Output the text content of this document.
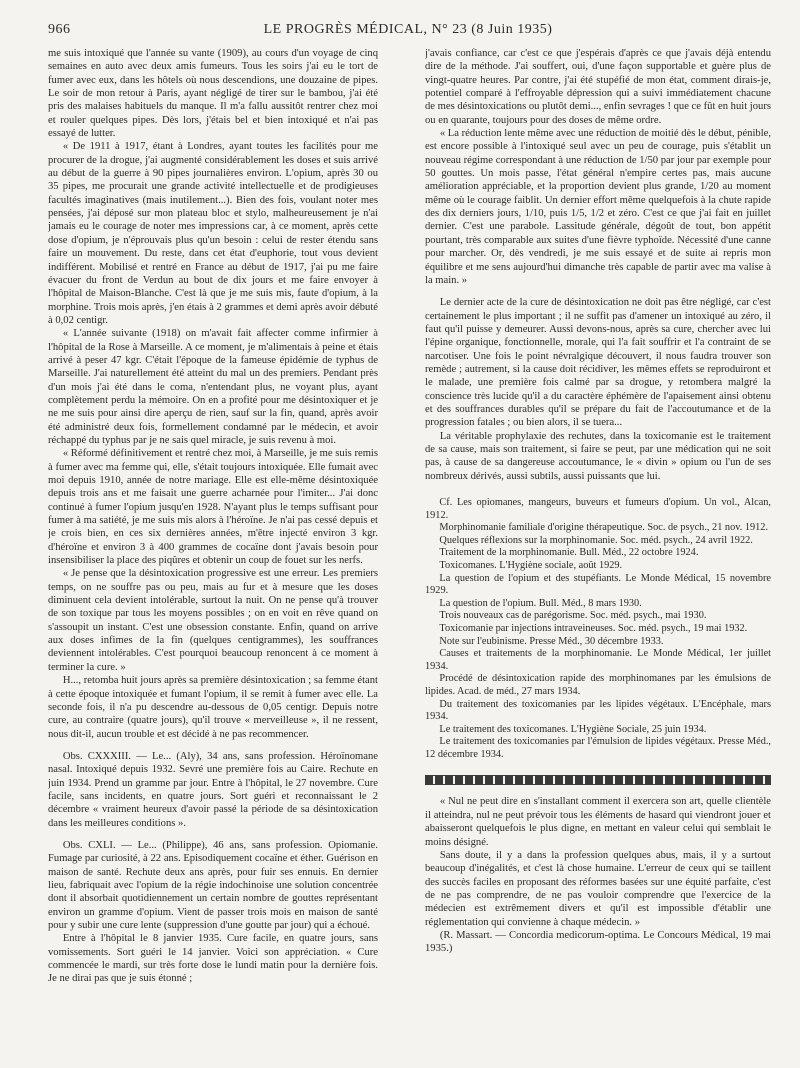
966	LE PROGRÈS MÉDICAL, N° 23 (8 Juin 1935)

me suis intoxiqué que l'année su vante (1909), au cours d'un voyage de cinq semaines en auto avec deux amis fumeurs. Tous les soirs j'ai eu le tort de fumer avec eux, dans les hôtels où nous descendions, une douzaine de pipes. Le soir de mon retour à Paris, ayant négligé de tirer sur le bambou, j'ai été pris des malaises habituels du manque. Il m'a fallu aussitôt rentrer chez moi et rouler quelques pipes. Dès lors, j'étais bel et bien intoxiqué et n'ai pas essayé de lutter.

« De 1911 à 1917, étant à Londres, ayant toutes les facilités pour me procurer de la drogue, j'ai augmenté considérablement les doses et suis arrivé au début de la guerre à 90 pipes journalières environ. L'opium, après 30 ou 35 pipes, me procurait une grande activité intellectuelle et de prodigieuses facultés imaginatives (mais inutilement...). Bien des fois, voulant noter mes pensées, j'ai déposé sur mon plateau bloc et stylo, malheureusement je n'ai jamais eu le courage de noter mes impressions car, à ce moment, après cette dose d'opium, je n'éprouvais plus qu'un besoin : celui de rester étendu sans faire un mouvement. Du reste, dans cet état d'euphorie, tout vous devient indifférent. Mobilisé et rentré en France au début de 1917, j'ai pu me faire évacuer du front de Verdun au bout de dix jours et me faire envoyer à l'hôpital de Maison-Blanche. C'est là que je me suis mis, faute d'opium, à la morphine. Trois mois après, j'en étais à 2 grammes et demi après avoir débuté à 0,02 centigr.

« L'année suivante (1918) on m'avait fait affecter comme infirmier à l'hôpital de la Rose à Marseille. A ce moment, je m'alimentais à peine et étais arrivé à peser 47 kgr. C'était l'époque de la fameuse épidémie de typhus de Marseille. J'ai naturellement été atteint du mal un des premiers. Pendant près d'un mois j'ai été dans le coma, n'entendant plus, ne voyant plus, ayant complètement perdu la mémoire. On en a profité pour me désintoxiquer et je ne me suis pour ainsi dire aperçu de rien, sauf sur la fin, quand, après avoir été administré deux fois, formellement condamné par le médecin, et avoir réchappé du typhus par je ne sais quel miracle, je suis revenu à moi.

« Réformé définitivement et rentré chez moi, à Marseille, je me suis remis à fumer avec ma femme qui, elle, s'était toujours intoxiquée. Elle fumait avec moi depuis 1910, année de notre mariage. Elle est elle-même désintoxiquée depuis trois ans et me faisait une guerre acharnée pour l'imiter... J'ai donc continué à fumer l'opium jusqu'en 1928. N'ayant plus le temps suffisant pour fumer à ma satiété, je me suis mis alors à l'héroïne. Je n'ai pas cessé depuis et je crois bien, en ces six dernières années, m'être injecté environ 3 kgr. d'héroïne et environ 3 à 400 grammes de cocaïne dont j'avais besoin pour insensibiliser la place des piqûres et obtenir un coup de fouet sur les nerfs.

« Je pense que la désintoxication progressive est une erreur. Les premiers temps, on ne souffre pas ou peu, mais au fur et à mesure que les doses diminuent cela devient intolérable, surtout la nuit. On ne pense qu'à trouver de son toxique par tous les moyens possibles ; on en voit en rêve quand on s'assoupit un instant. C'est une obsession constante. Enfin, quand on arrive aux doses infimes de la fin (quelques centigrammes), les souffrances deviennent intolérables. C'est pourquoi beaucoup renoncent à ce moment à terminer la cure. »

H..., retomba huit jours après sa première désintoxication ; sa femme étant à cette époque intoxiquée et fumant l'opium, il se remit à fumer avec elle. La seconde fois, il n'a pu descendre au-dessous de 0,05 centigr. Depuis notre cure, au contraire (quatre jours), qu'il trouve « merveilleuse », il ne ressent, nous dit-il, aucun trouble et est décidé à ne pas recommencer.

Obs. CXXXIII. — Le... (Aly), 34 ans, sans profession. Héroïnomane nasal. Intoxiqué depuis 1932. Sevré une première fois au Caire. Rechute en juin 1934. Prend un gramme par jour. Entre à l'hôpital, le 27 novembre. Cure facile, sans incidents, en quatre jours. Sort guéri et reconnaissant le 2 décembre « vraiment heureux d'avoir passé la période de sa désintoxication dans les meilleures conditions ».

Obs. CXLI. — Le... (Philippe), 46 ans, sans profession. Opiomanie. Fumage par curiosité, à 22 ans. Episodiquement cocaïne et éther. Guérison en maison de santé. Rechute deux ans après, pour fuir ses ennuis. En dernier lieu, fabriquait avec l'opium de la régie indochinoise une solution concentrée dont il absorbait quotidiennement un certain nombre de gouttes représentant environ un gramme d'opium. Vient de passer trois mois en maison de santé pour y subir une cure lente (suppression d'une goutte par jour) qui a échoué.

Entre à l'hôpital le 8 janvier 1935. Cure facile, en quatre jours, sans vomissements. Sort guéri le 14 janvier. Voici son appréciation. « Cure commencée le mardi, sur très forte dose le lundi matin pour la dernière fois. Je ne dirai pas que je suis étonné ;

j'avais confiance, car c'est ce que j'espérais d'après ce que j'avais déjà entendu dire de la méthode. J'ai souffert, oui, d'une façon supportable et guère plus de vingt-quatre heures. Par contre, j'ai été stupéfié de mon état, comment dirais-je, potentiel comparé à l'effroyable dépression qui a suivi immédiatement chacune de mes désintoxications ou plutôt demi..., enfin sevrages ! que ce fût en huit jours ou en quarante, toujours pour des doses de même ordre.

« La réduction lente même avec une réduction de moitié dès le début, pénible, est encore possible à l'intoxiqué seul avec un peu de courage, puis s'établit un nouveau régime correspondant à une réduction de 1/50 par jour par exemple pour 50 gouttes. Un mois passe, l'état général n'empire certes pas, mais aucune amélioration appréciable, et la proportion devient plus grande, 1/20 au moment même où le courage faiblit. Un dernier effort même quelquefois à la chute rapide des dix derniers jours, 1/10, puis 1/5, 1/2 et zéro. C'est ce que j'ai fait en juillet dernier. C'est une parabole. Lassitude générale, dégoût de tout, bon appétit pourtant, très comparable aux suites d'une fièvre typhoïde. Nécessité d'une canne pour marcher. Or, dès vendredi, je me suis essayé et de suite ai repris mon équilibre et me sens aujourd'hui dimanche très capable de partir avec ma valise à la main. »

Le dernier acte de la cure de désintoxication ne doit pas être négligé, car c'est certainement le plus important ; il ne suffit pas d'amener un intoxiqué au zéro, il faut qu'il puisse y demeurer. Aussi devons-nous, après sa cure, chercher avec lui l'épine organique, fonctionnelle, morale, qui l'a fait souffrir et l'a contraint de se narcotiser. Une fois le point névralgique découvert, il nous faudra trouver son remède ; autrement, si la cause doit récidiver, les mêmes effets se reproduiront et le malade, une première fois calmé par sa drogue, y retombera malgré la conscience très lucide qu'il a du caractère éphémère de l'apaisement ainsi obtenu et des souffrances durables qu'il se prépare du fait de l'accoutumance et de la progression fatales ; ou bien alors, il se tuera...

La véritable prophylaxie des rechutes, dans la toxicomanie est le traitement de sa cause, mais son traitement, si faire se peut, par une médication qui ne soit pas, à cause de sa dangereuse accoutumance, le « divin » opium ou l'un de ses nombreux dérivés, aussi subtils, aussi puissants que lui.

Cf. Les opiomanes, mangeurs, buveurs et fumeurs d'opium. Un vol., Alcan, 1912.

Morphinomanie familiale d'origine thérapeutique. Soc. de psych., 21 nov. 1912.

Quelques réflexions sur la morphinomanie. Soc. méd. psych., 24 avril 1922.

Traitement de la morphinomanie. Bull. Méd., 22 octobre 1924.

Toxicomanes. L'Hygiène sociale, août 1929.

La question de l'opium et des stupéfiants. Le Monde Médical, 15 novembre 1929.

La question de l'opium. Bull. Méd., 8 mars 1930.

Trois nouveaux cas de parégorisme. Soc. méd. psych., mai 1930.

Toxicomanie par injections intraveineuses. Soc. méd. psych., 19 mai 1932.

Note sur l'eubinisme. Presse Méd., 30 décembre 1933.

Causes et traitements de la morphinomanie. Le Monde Médical, 1er juillet 1934.

Procédé de désintoxication rapide des morphinomanes par les émulsions de lipides. Acad. de méd., 27 mars 1934.

Du traitement des toxicomanies par les lipides végétaux. L'Encéphale, mars 1934.

Le traitement des toxicomanes. L'Hygiène Sociale, 25 juin 1934.

Le traitement des toxicomanies par l'émulsion de lipides végétaux. Presse Méd., 12 décembre 1934.

« Nul ne peut dire en s'installant comment il exercera son art, quelle clientèle il atteindra, nul ne peut prévoir tous les éléments de hasard qui viendront jouer et abaisseront quelquefois le plus digne, en mettant en valeur celui qui semblait le moins désigné.

Sans doute, il y a dans la profession quelques abus, mais, il y a surtout beaucoup d'inégalités, et c'est là chose humaine. L'erreur de ceux qui se taillent des succès faciles en proposant des réformes basées sur une équité parfaite, c'est de ne pas comprendre, de ne pas vouloir comprendre que l'exercice de la médecien est extrêmement divers et qu'il est impossible d'établir une réglementation qui convienne à chaque médecin. »

(R. Massart. — Concordia medicorum-optima. Le Concours Médical, 19 mai 1935.)
